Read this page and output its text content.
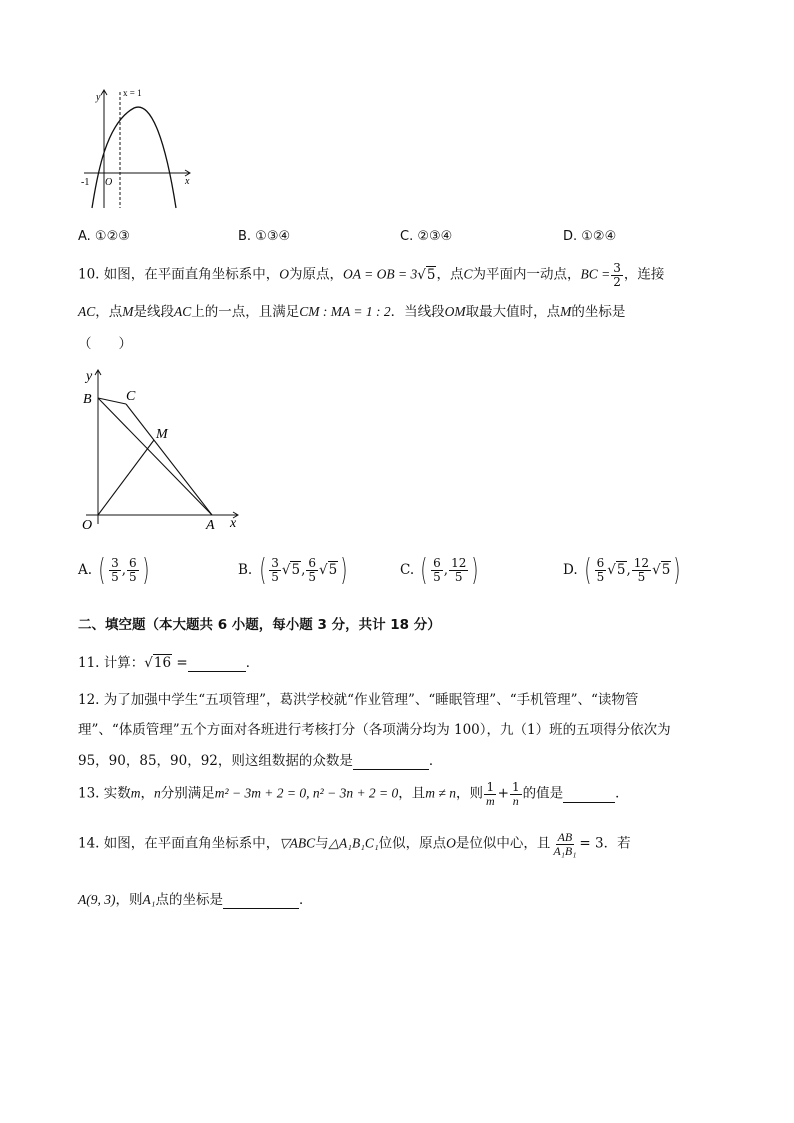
y	x = 1
-1 O	x
A. ①②③	B. ①③④	C. ②③④	D. ①②④
10. 如图，在平面直角坐标系中，O为原点，OA = OB = 3√5，点C为平面内一动点，BC = $\frac{3}{2}$ ，连接
AC，点M是线段AC上的一点，且满足CM : MA = 1 : 2．当线段OM取最大值时，点M的坐标是
（　　）
y
B C
M
O	A x
A. ( $\frac{3}{5}$ , $\frac{6}{5}$ )	B. ( $\frac{3}{5} √5$, $\frac{6}{5} √5$ )	C. ( $\frac{6}{5}$ , $\frac{12}{5}$ )	D. ( $\frac{6}{5} √5$, $\frac{12}{5} √5$ )
二、填空题（本大题共 6 小题，每小题 3 分，共计 18 分）
11. 计算：√16 =	．
12. 为了加强中学生“五项管理”，葛洪学校就“作业管理”、“睡眠管理”、“手机管理”、“读物管
理”、“体质管理”五个方面对各班进行考核打分（各项满分均为 100），九（1）班的五项得分依次为
95，90，85，90，92，则这组数据的众数是	．
13. 实数m，n分别满足m² − 3m + 2 = 0, n² − 3n + 2 = 0，且m ≠ n，则 $\frac{1}{m} + \frac{1}{n}$ 的值是	．
14. 如图，在平面直角坐标系中，▽ABC与△A₁B₁C₁位似，原点O是位似中心，且 $\frac{AB}{\text{A₁B₁}} = 3$．若
A(9, 3)，则A₁点的坐标是	．
